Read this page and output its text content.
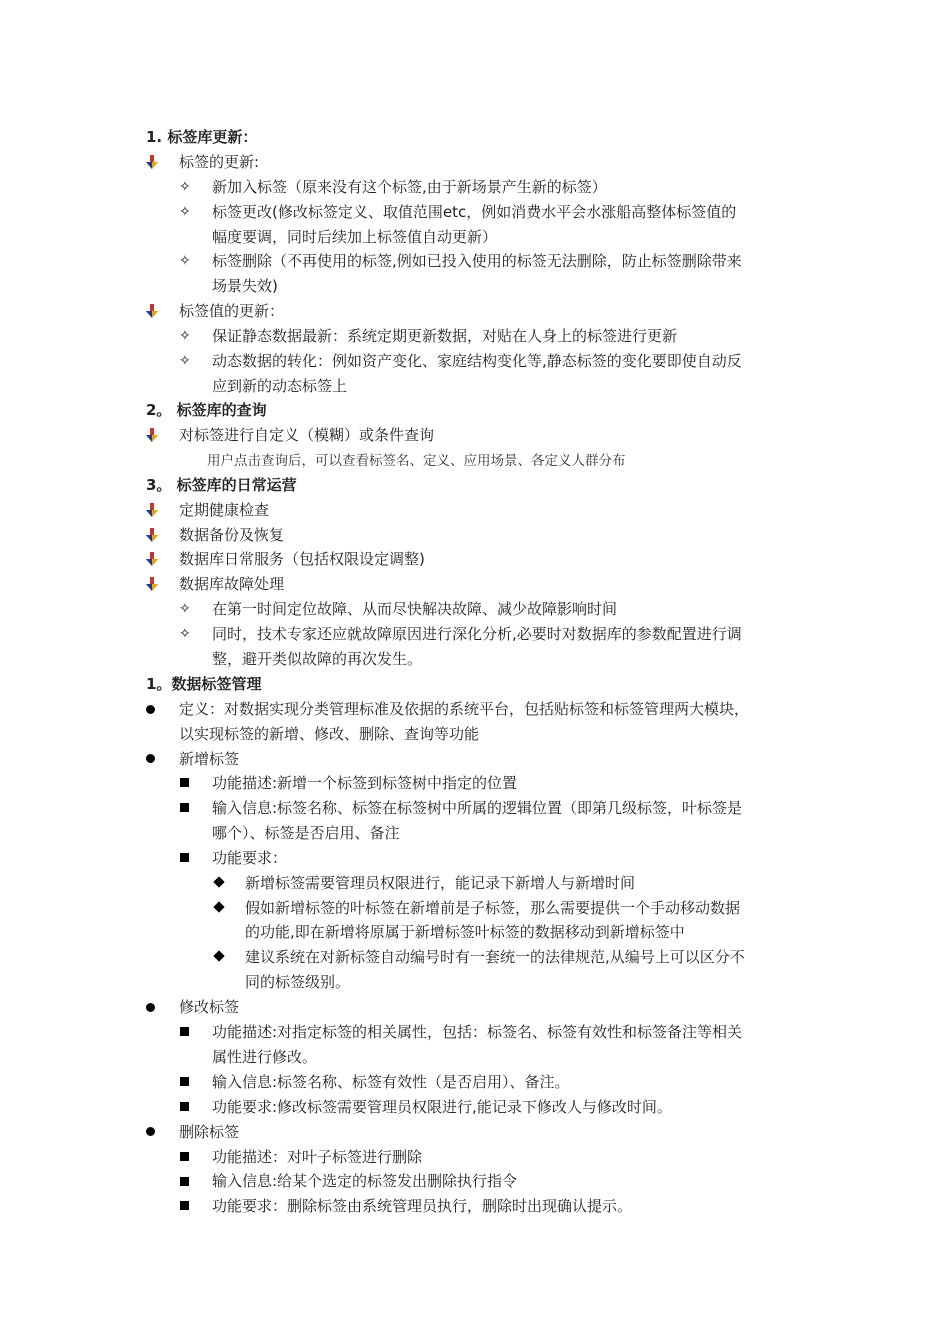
1. 标签库更新：
标签的更新:
✧ 新加入标签（原来没有这个标签,由于新场景产生新的标签）
✧ 标签更改(修改标签定义、取值范围etc，例如消费水平会水涨船高整体标签值的
幅度要调，同时后续加上标签值自动更新）
✧ 标签删除（不再使用的标签,例如已投入使用的标签无法删除，防止标签删除带来
场景失效)
标签值的更新：
✧ 保证静态数据最新：系统定期更新数据，对贴在人身上的标签进行更新
✧ 动态数据的转化：例如资产变化、家庭结构变化等,静态标签的变化要即使自动反
应到新的动态标签上
2。 标签库的查询
对标签进行自定义（模糊）或条件查询
用户点击查询后，可以查看标签名、定义、应用场景、各定义人群分布
3。 标签库的日常运营
定期健康检查
数据备份及恢复
数据库日常服务（包括权限设定调整)
数据库故障处理
✧ 在第一时间定位故障、从而尽快解决故障、减少故障影响时间
✧ 同时，技术专家还应就故障原因进行深化分析,必要时对数据库的参数配置进行调
整，避开类似故障的再次发生。
1。数据标签管理
定义：对数据实现分类管理标准及依据的系统平台，包括贴标签和标签管理两大模块，
以实现标签的新增、修改、删除、查询等功能
新增标签
功能描述:新增一个标签到标签树中指定的位置
输入信息:标签名称、标签在标签树中所属的逻辑位置（即第几级标签，叶标签是
哪个）、标签是否启用、备注
功能要求：
新增标签需要管理员权限进行，能记录下新增人与新增时间
假如新增标签的叶标签在新增前是子标签，那么需要提供一个手动移动数据
的功能,即在新增将原属于新增标签叶标签的数据移动到新增标签中
建议系统在对新标签自动编号时有一套统一的法律规范,从编号上可以区分不
同的标签级别。
修改标签
功能描述:对指定标签的相关属性，包括：标签名、标签有效性和标签备注等相关
属性进行修改。
输入信息:标签名称、标签有效性（是否启用）、备注。
功能要求:修改标签需要管理员权限进行,能记录下修改人与修改时间。
删除标签
功能描述：对叶子标签进行删除
输入信息:给某个选定的标签发出删除执行指令
功能要求：删除标签由系统管理员执行，删除时出现确认提示。
